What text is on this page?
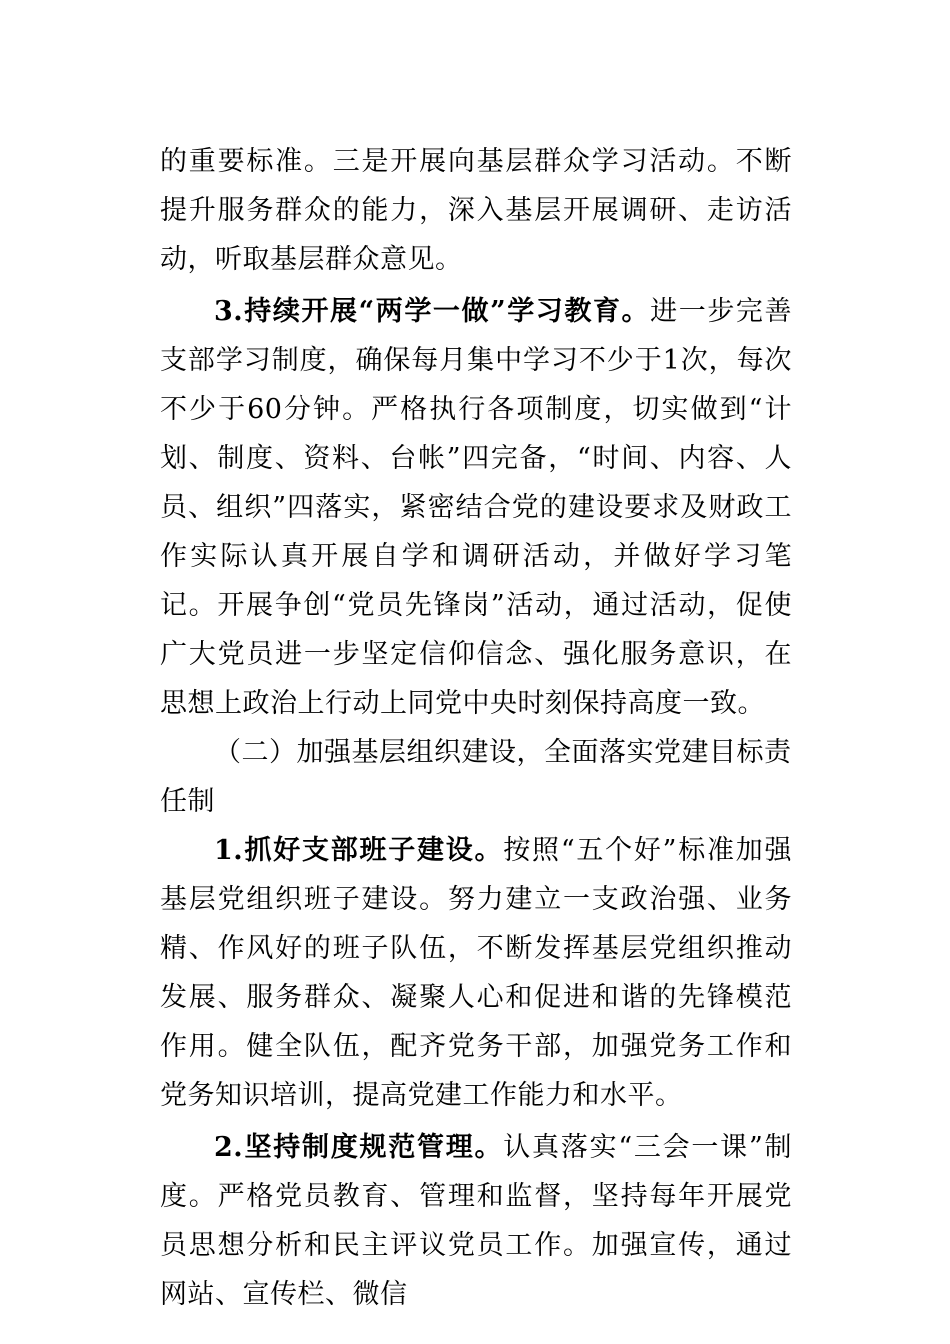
的重要标准。三是开展向基层群众学习活动。不断提升服务群众的能力，深入基层开展调研、走访活动，听取基层群众意见。

3.持续开展“两学一做”学习教育。进一步完善支部学习制度，确保每月集中学习不少于1次，每次不少于60分钟。严格执行各项制度，切实做到“计划、制度、资料、台帐”四完备，“时间、内容、人员、组织”四落实，紧密结合党的建设要求及财政工作实际认真开展自学和调研活动，并做好学习笔记。开展争创“党员先锋岗”活动，通过活动，促使广大党员进一步坚定信仰信念、强化服务意识，在思想上政治上行动上同党中央时刻保持高度一致。

（二）加强基层组织建设，全面落实党建目标责任制

1.抓好支部班子建设。按照“五个好”标准加强基层党组织班子建设。努力建立一支政治强、业务精、作风好的班子队伍，不断发挥基层党组织推动发展、服务群众、凝聚人心和促进和谐的先锋模范作用。健全队伍，配齐党务干部，加强党务工作和党务知识培训，提高党建工作能力和水平。

2.坚持制度规范管理。认真落实“三会一课”制度。严格党员教育、管理和监督，坚持每年开展党员思想分析和民主评议党员工作。加强宣传，通过网站、宣传栏、微信
